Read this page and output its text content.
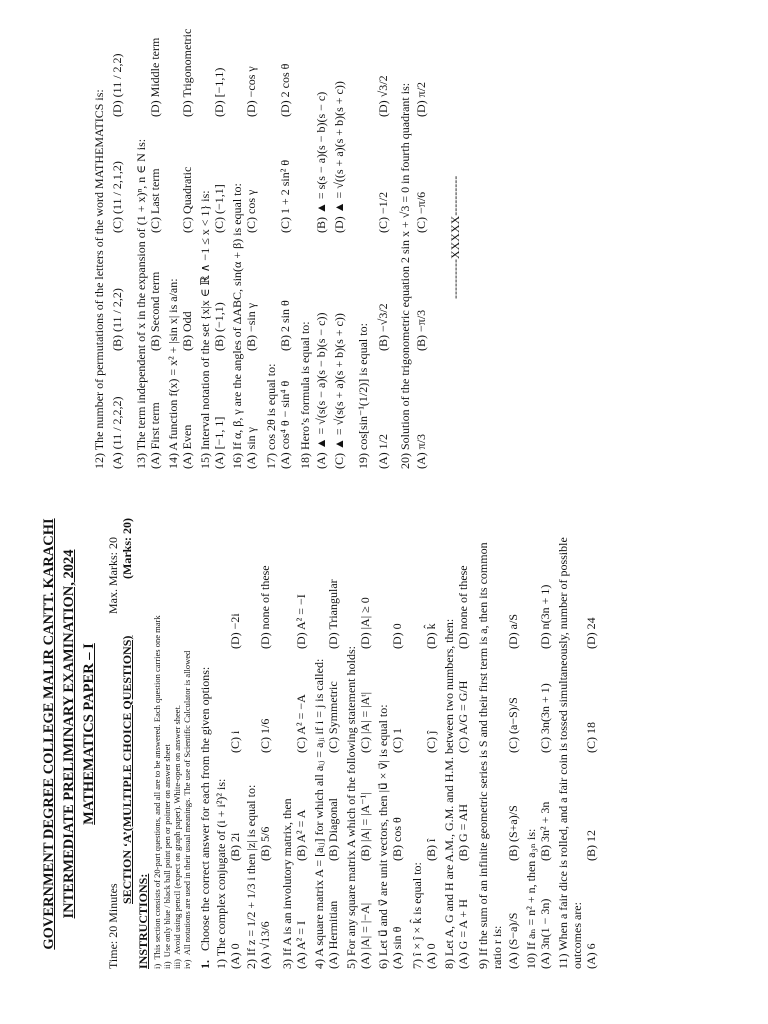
GOVERNMENT DEGREE COLLEGE MALIR CANTT. KARACHI INTERMEDIATE PRELIMINARY EXAMINATION, 2024 MATHEMATICS PAPER – I
Time: 20 Minutes
Max. Marks: 20
SECTION ‘A’(MULTIPLE CHOICE QUESTIONS)
(Marks: 20)
INSTRUCTIONS: i)  This section consists of 20-part questions, and all are to be answered. Each question carries one mark
ii)  Use only blue / black ball point pen or pointer on answer sheet
iii)  Avoid using pencil (expect on graph paper). White-open on answer sheet.
iv)  All notations are used in their usual meanings. The use of Scientific Calculator is allowed
1.   Choose the correct answer for each from the given options: 1) The complex conjugate of (i + i²)² is: (A) 0
(B) 2i
(C) i
(D) −2i
2) If z = 1/2 + 1/3 i then |z| is equal to: (A) √13/6
(B) 5/6
(C) 1/6
(D) none of these
3) If A is an involutory matrix, then (A) A² = I
(B) A² = A
(C) A² = −A
(D) A² = −I
4) A square matrix A = [aᵢⱼ] for which all aᵢⱼ = aⱼᵢ if i = j is called: (A) Hermitian
(B) Diagonal
(C) Symmetric
(D) Triangular
5) For any square matrix A which of the following statement holds: (A) |A| = |−A|
(B) |A| = |A⁻¹|
(C) |A| = |Aᵗ|
(D) |A| ≥ 0
6) Let u⃗ and v⃗ are unit vectors, then |u⃗ × v⃗| is equal to: (A) sin θ
(B) cos θ
(C) 1
(D) 0
7) î × ĵ × k̂ is equal to: (A) 0
(B) î
(C) ĵ
(D) k̂ 8) Let A, G and H are A.M., G.M. and H.M. between two numbers, then: (A) G = A + H
(B) G = AH
(C) A/G = G/H
(D) none of these 9) If the sum of an infinite geometric series is S and their first term is a, then its common ratio r is: (A) (S−a)/S
(B) (S+a)/S
(C) (a−S)/S
(D) a/S
10) If aₙ = n² + n, then a₃ₙ is: (A) 3n(1 − 3n)
(B) 3n² + 3n
(C) 3n(3n + 1)
(D) n(3n + 1) 11) When a fair dice is rolled, and a fair coin is tossed simultaneously, number of possible outcomes are: (A) 6
(B) 12
(C) 18
(D) 24
12) The number of permutations of the letters of the word MATHEMATICS is: (A) (11 / 2,2,2)
(B) (11 / 2,2)
(C) (11 / 2,1,2)
(D) (11 / 2,2)
13) The term independent of x in the expansion of (1 + x)ⁿ, n ∈ N is: (A) First term
(B) Second term
(C) Last term
(D) Middle term
14) A function f(x) = x² + |sin x| is a/an: (A) Even
(B) Odd
(C) Quadratic
(D) Trigonometric
15) Interval notation of the set {x|x ∈ ℝ ∧ −1 ≤ x < 1} is: (A) [−1, 1]
(B) (−1,1)
(C) (−1,1]
(D) [−1,1)
16) If α, β, γ are the angles of ΔABC, sin(α + β) is equal to: (A) sin γ
(B) −sin γ
(C) cos γ
(D) −cos γ
17) cos 2θ is equal to: (A) cos⁴ θ − sin⁴ θ
(B) 2 sin θ
(C) 1 + 2 sin² θ
(D) 2 cos θ
18) Hero’s formula is equal to: (A) ▲ = √(s(s − a)(s − b)(s − c))
(B) ▲ = s(s − a)(s − b)(s − c)
(C) ▲ = √(s(s + a)(s + b)(s + c))
(D) ▲ = √((s + a)(s + b)(s + c))
19) cos[sin⁻¹(1/2)] is equal to: (A) 1/2
(B) −√3/2
(C) −1/2
(D) √3/2 20) Solution of the trigonometric equation 2 sin x + √3 = 0 in fourth quadrant is: (A) π/3
(B) −π/3
(C) −π/6
(D) π/2
----------XXXXX----------
